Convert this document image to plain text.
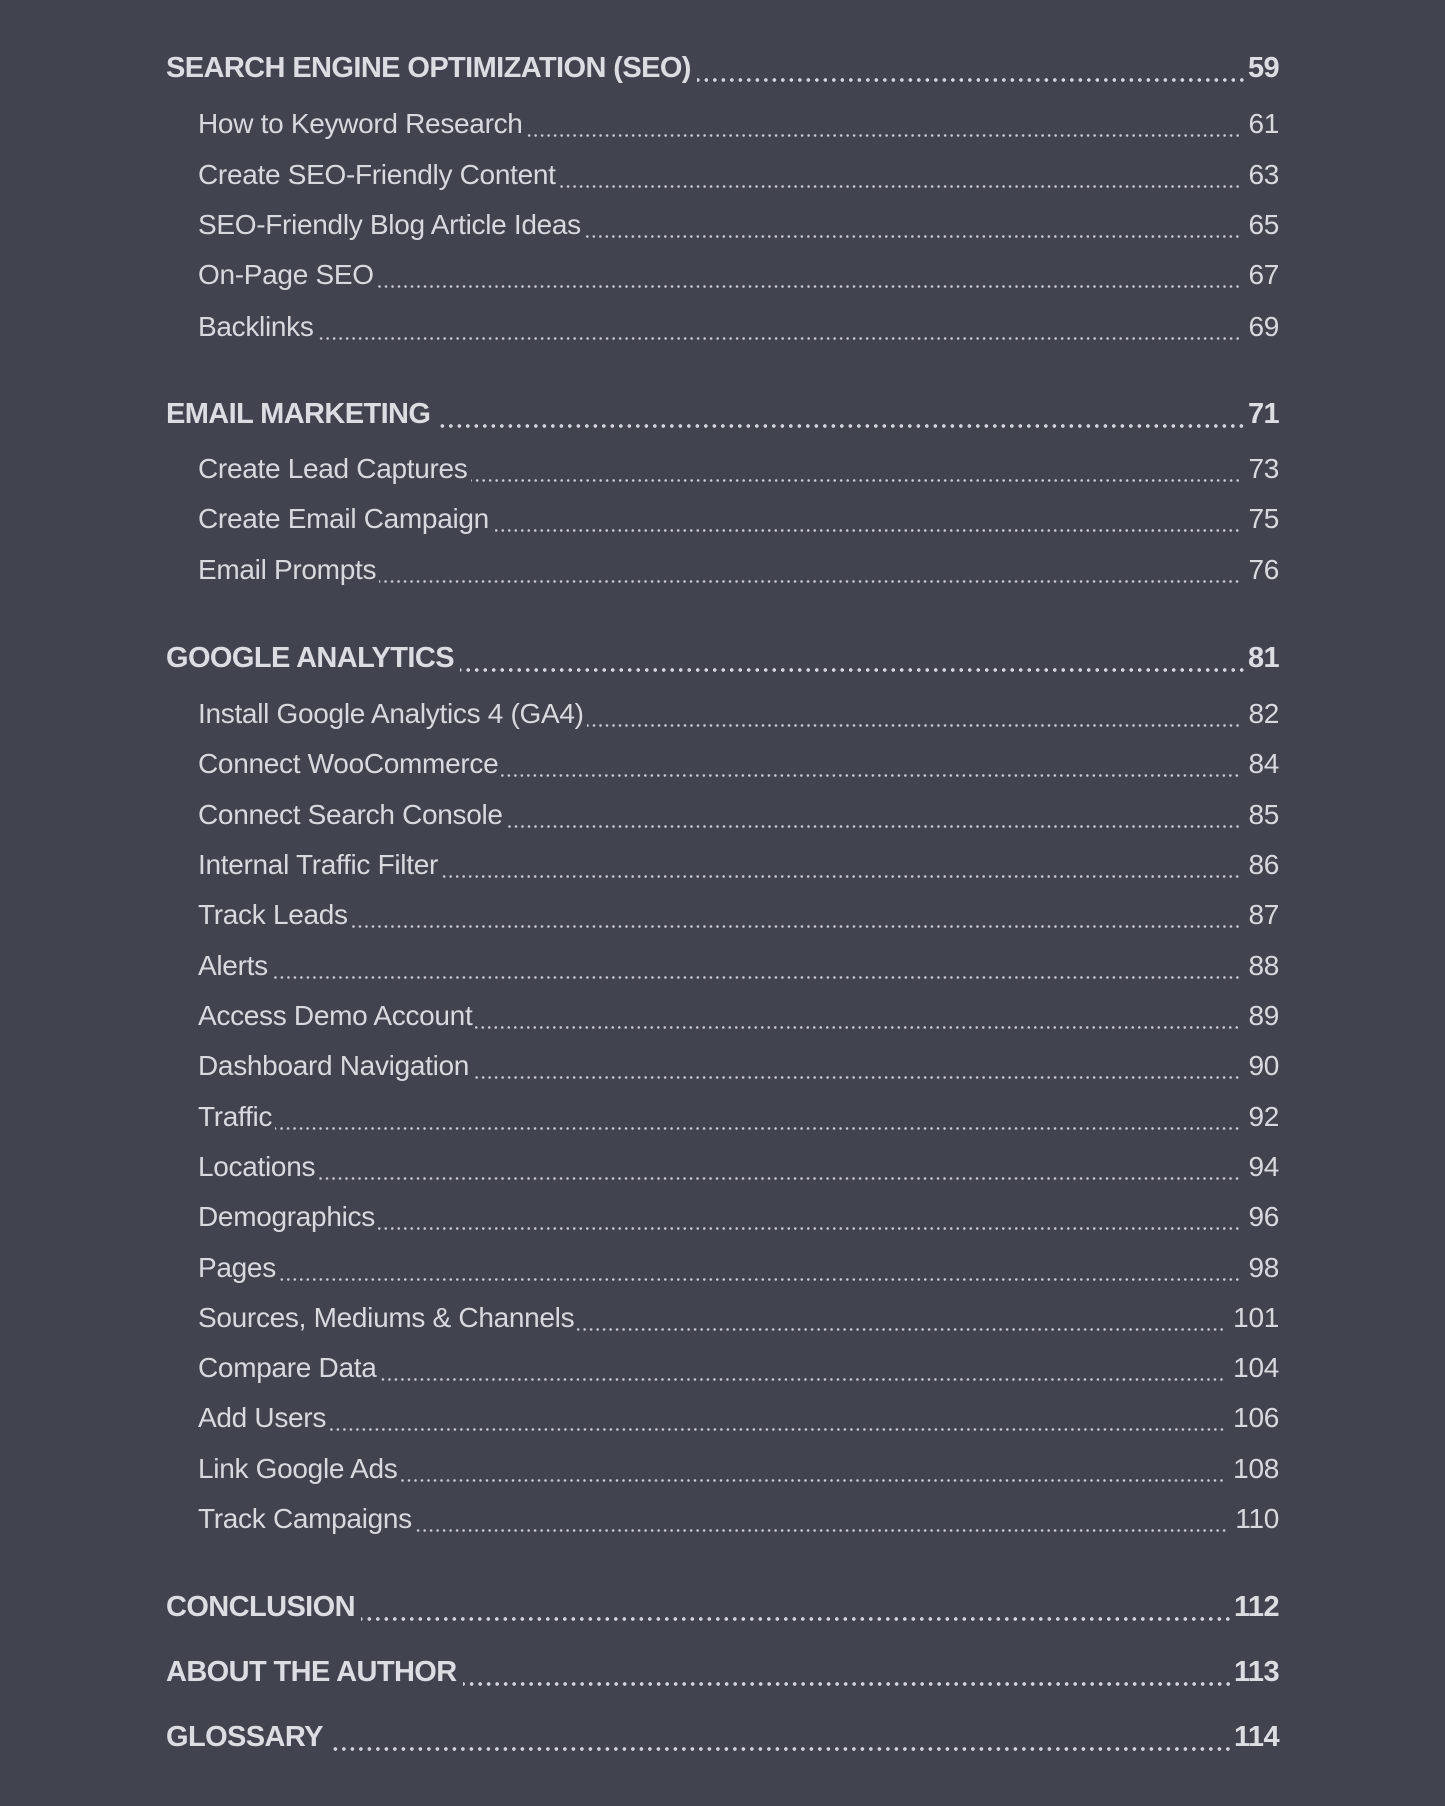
SEARCH ENGINE OPTIMIZATION (SEO)	59
How to Keyword Research	61
Create SEO-Friendly Content	63
SEO-Friendly Blog Article Ideas	65
On-Page SEO	67
Backlinks	69
EMAIL MARKETING	71
Create Lead Captures	73
Create Email Campaign	75
Email Prompts	76
GOOGLE ANALYTICS	81
Install Google Analytics 4 (GA4)	82
Connect WooCommerce	84
Connect Search Console	85
Internal Traffic Filter	86
Track Leads	87
Alerts	88
Access Demo Account	89
Dashboard Navigation	90
Traffic	92
Locations	94
Demographics	96
Pages	98
Sources, Mediums & Channels	101
Compare Data	104
Add Users	106
Link Google Ads	108
Track Campaigns	110
CONCLUSION	112
ABOUT THE AUTHOR	113
GLOSSARY	114
